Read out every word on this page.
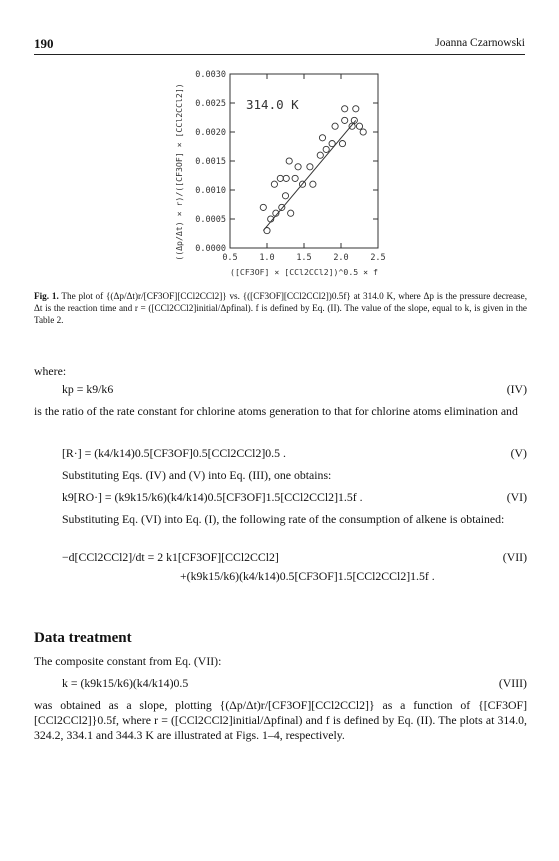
190	Joanna Czarnowski
((Δp/Δt) × r)/([CF3OF] × [CCl2CCl2]) 0.0000
0.0005
0.0010
0.0015
0.0020
0.0025
0.0030
0.5	1.0	1.5	2.0	2.5
314.0 K
([CF3OF] × [CCl2CCl2])^0.5 × f
Fig. 1. The plot of {(Δp/Δt)r/[CF3OF][CCl2CCl2]} vs. {([CF3OF][CCl2CCl2])0.5f} at 314.0 K, where Δp is the pressure decrease, Δt is the reaction time and r = ([CCl2CCl2]initial/Δpfinal). f is defined by Eq. (II). The value of the slope, equal to k, is given in the Table 2.
where:
kp = k9/k6	(IV)
is the ratio of the rate constant for chlorine atoms generation to that for chlorine atoms elimination and
[R·] = (k4/k14)0.5[CF3OF]0.5[CCl2CCl2]0.5 .	(V)
Substituting Eqs. (IV) and (V) into Eq. (III), one obtains:
k9[RO·] = (k9k15/k6)(k4/k14)0.5[CF3OF]1.5[CCl2CCl2]1.5f .	(VI)
Substituting Eq. (VI) into Eq. (I), the following rate of the consumption of alkene is obtained:
−d[CCl2CCl2]/dt = 2 k1[CF3OF][CCl2CCl2]	(VII)
+(k9k15/k6)(k4/k14)0.5[CF3OF]1.5[CCl2CCl2]1.5f .
Data treatment
The composite constant from Eq. (VII):
k = (k9k15/k6)(k4/k14)0.5	(VIII)
was obtained as a slope, plotting {(Δp/Δt)r/[CF3OF][CCl2CCl2]} as a function of {[CF3OF][CCl2CCl2]}0.5f, where r = ([CCl2CCl2]initial/Δpfinal) and f is defined by Eq. (II). The plots at 314.0, 324.2, 334.1 and 344.3 K are illustrated at Figs. 1–4, respectively.
